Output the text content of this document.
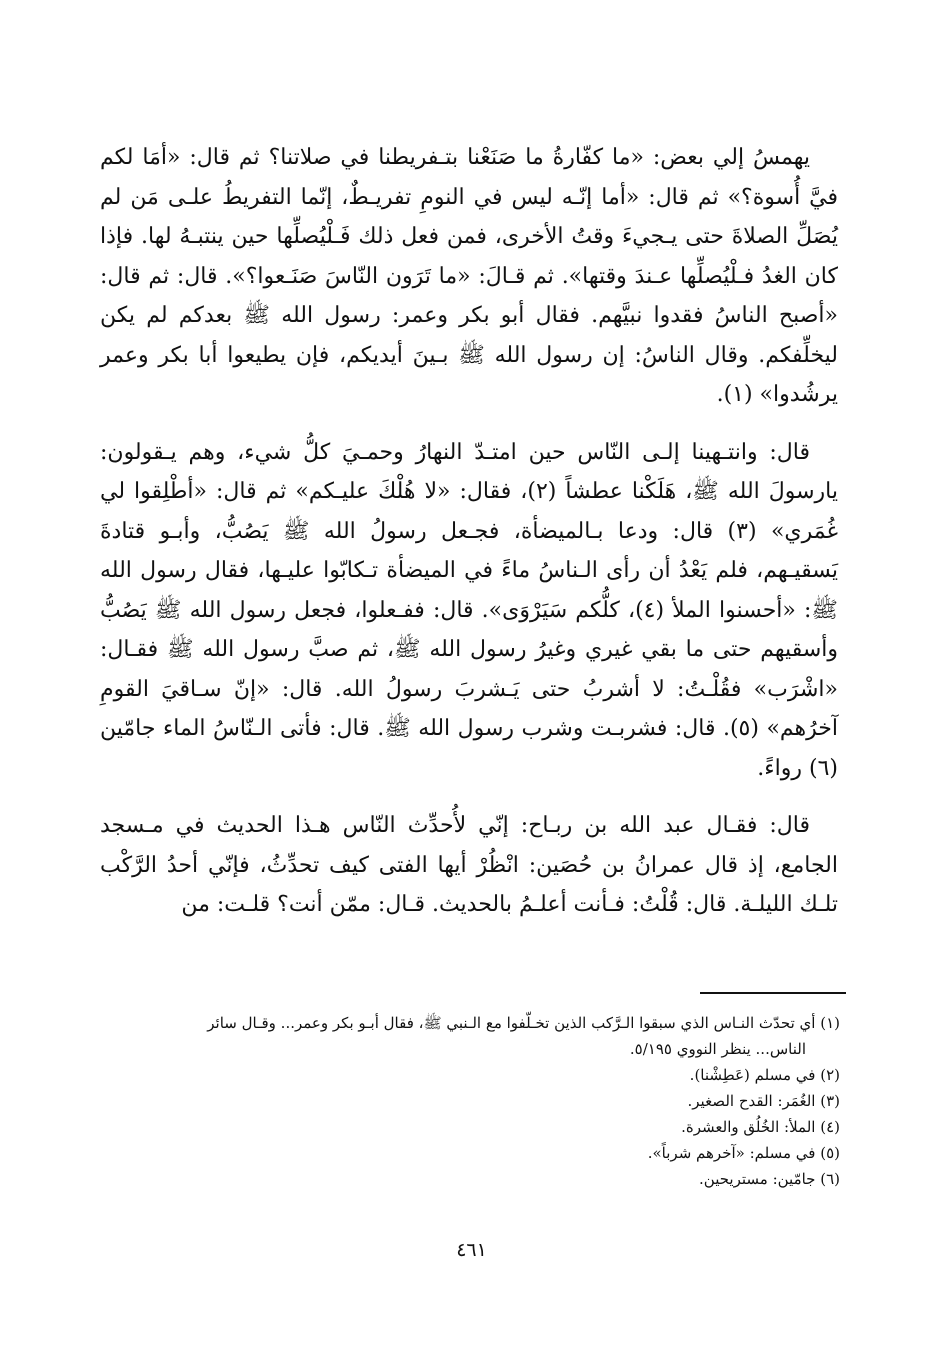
يهمسُ إلي بعض: «ما كفّارةُ ما صَنَعْنا بتـفريطنا في صلاتنا؟ ثم قال: «أمَا لكم فيَّ أُسوة؟» ثم قال: «أما إنّـه ليس في النومِ تفريـطٌ، إنّما التفريطُ علـى مَن لم يُصَلِّ الصلاةَ حتى يـجيءَ وقتُ الأخرى، فمن فعل ذلك فَـلْيُصلِّها حين ينتبـهُ لها. فإذا كان الغدُ فـلْيُصلِّها عـندَ وقتها». ثم قـالَ: «ما تَرَون النّاسَ صَنَـعوا؟». قال: ثم قال: «أصبح الناسُ فقدوا نبيَّهم. فقال أبو بكر وعمر: رسول الله ﷺ بعدكم لم يكن ليخلِّفكم. وقال الناسُ: إن رسول الله ﷺ بـينَ أيديكم، فإن يطيعوا أبا بكر وعمر يرشُدوا» (١).

قال: وانتـهينا إلـى النّاس حين امتـدّ النهارُ وحمـيَ كلُّ شيء، وهم يـقولون: يارسولَ الله ﷺ، هَلَكْنا عطشاً (٢)، فقال: «لا هُلْكَ عليـكم» ثم قال: «أطْلِقوا لي غُمَري» (٣) قال: ودعا بـالميضأة، فجـعل رسولُ الله ﷺ يَصُبُّ، وأبـو قتادةَ يَسقيـهم، فلم يَعْدُ أن رأى الـناسُ ماءً في الميضأة تـكابّوا عليـها، فقال رسول الله ﷺ: «أحسنوا الملأ (٤)، كلُّكم سَيَرْوَى». قال: ففـعلوا، فجعل رسول الله ﷺ يَصُبُّ وأسقيهم حتى ما بقي غيري وغيرُ رسول الله ﷺ، ثم صبَّ رسول الله ﷺ فقـال: «اشْرَب» فقُلْـتُ: لا أشربُ حتى يَـشربَ رسولُ الله. قال: «إنّ سـاقيَ القومِ آخرُهم» (٥). قال: فشربـت وشرب رسول الله ﷺ. قال: فأتى الـنّاسُ الماء جامّين (٦) رواءً.

قال: فقـال عبد الله بن ربـاح: إنّي لأُحدِّث النّاس هـذا الحديث في مـسجد الجامع، إذ قال عمرانُ بن حُصَين: انْظُرْ أيها الفتى كيف تحدِّثُ، فإنّي أحدُ الرَّكْب تلـك الليلـة. قال: قُلْتُ: فـأنت أعلـمُ بالحديث. قـال: ممّن أنت؟ قلـت: من

(١) أي تحدّث النـاس الذي سبقوا الـرَّكب الذين تخـلّفوا مع الـنبي ﷺ، فقال أبـو بكر وعمر... وقـال سائر

الناس... ينظر النووي ٥/١٩٥.

(٢) في مسلم (عَطِشْنا).

(٣) الغُمَر: القدح الصغير.

(٤) الملأ: الخُلُق والعشرة.

(٥) في مسلم: «آخرهم شرباً».

(٦) جامّين: مستريحين.

٤٦١
